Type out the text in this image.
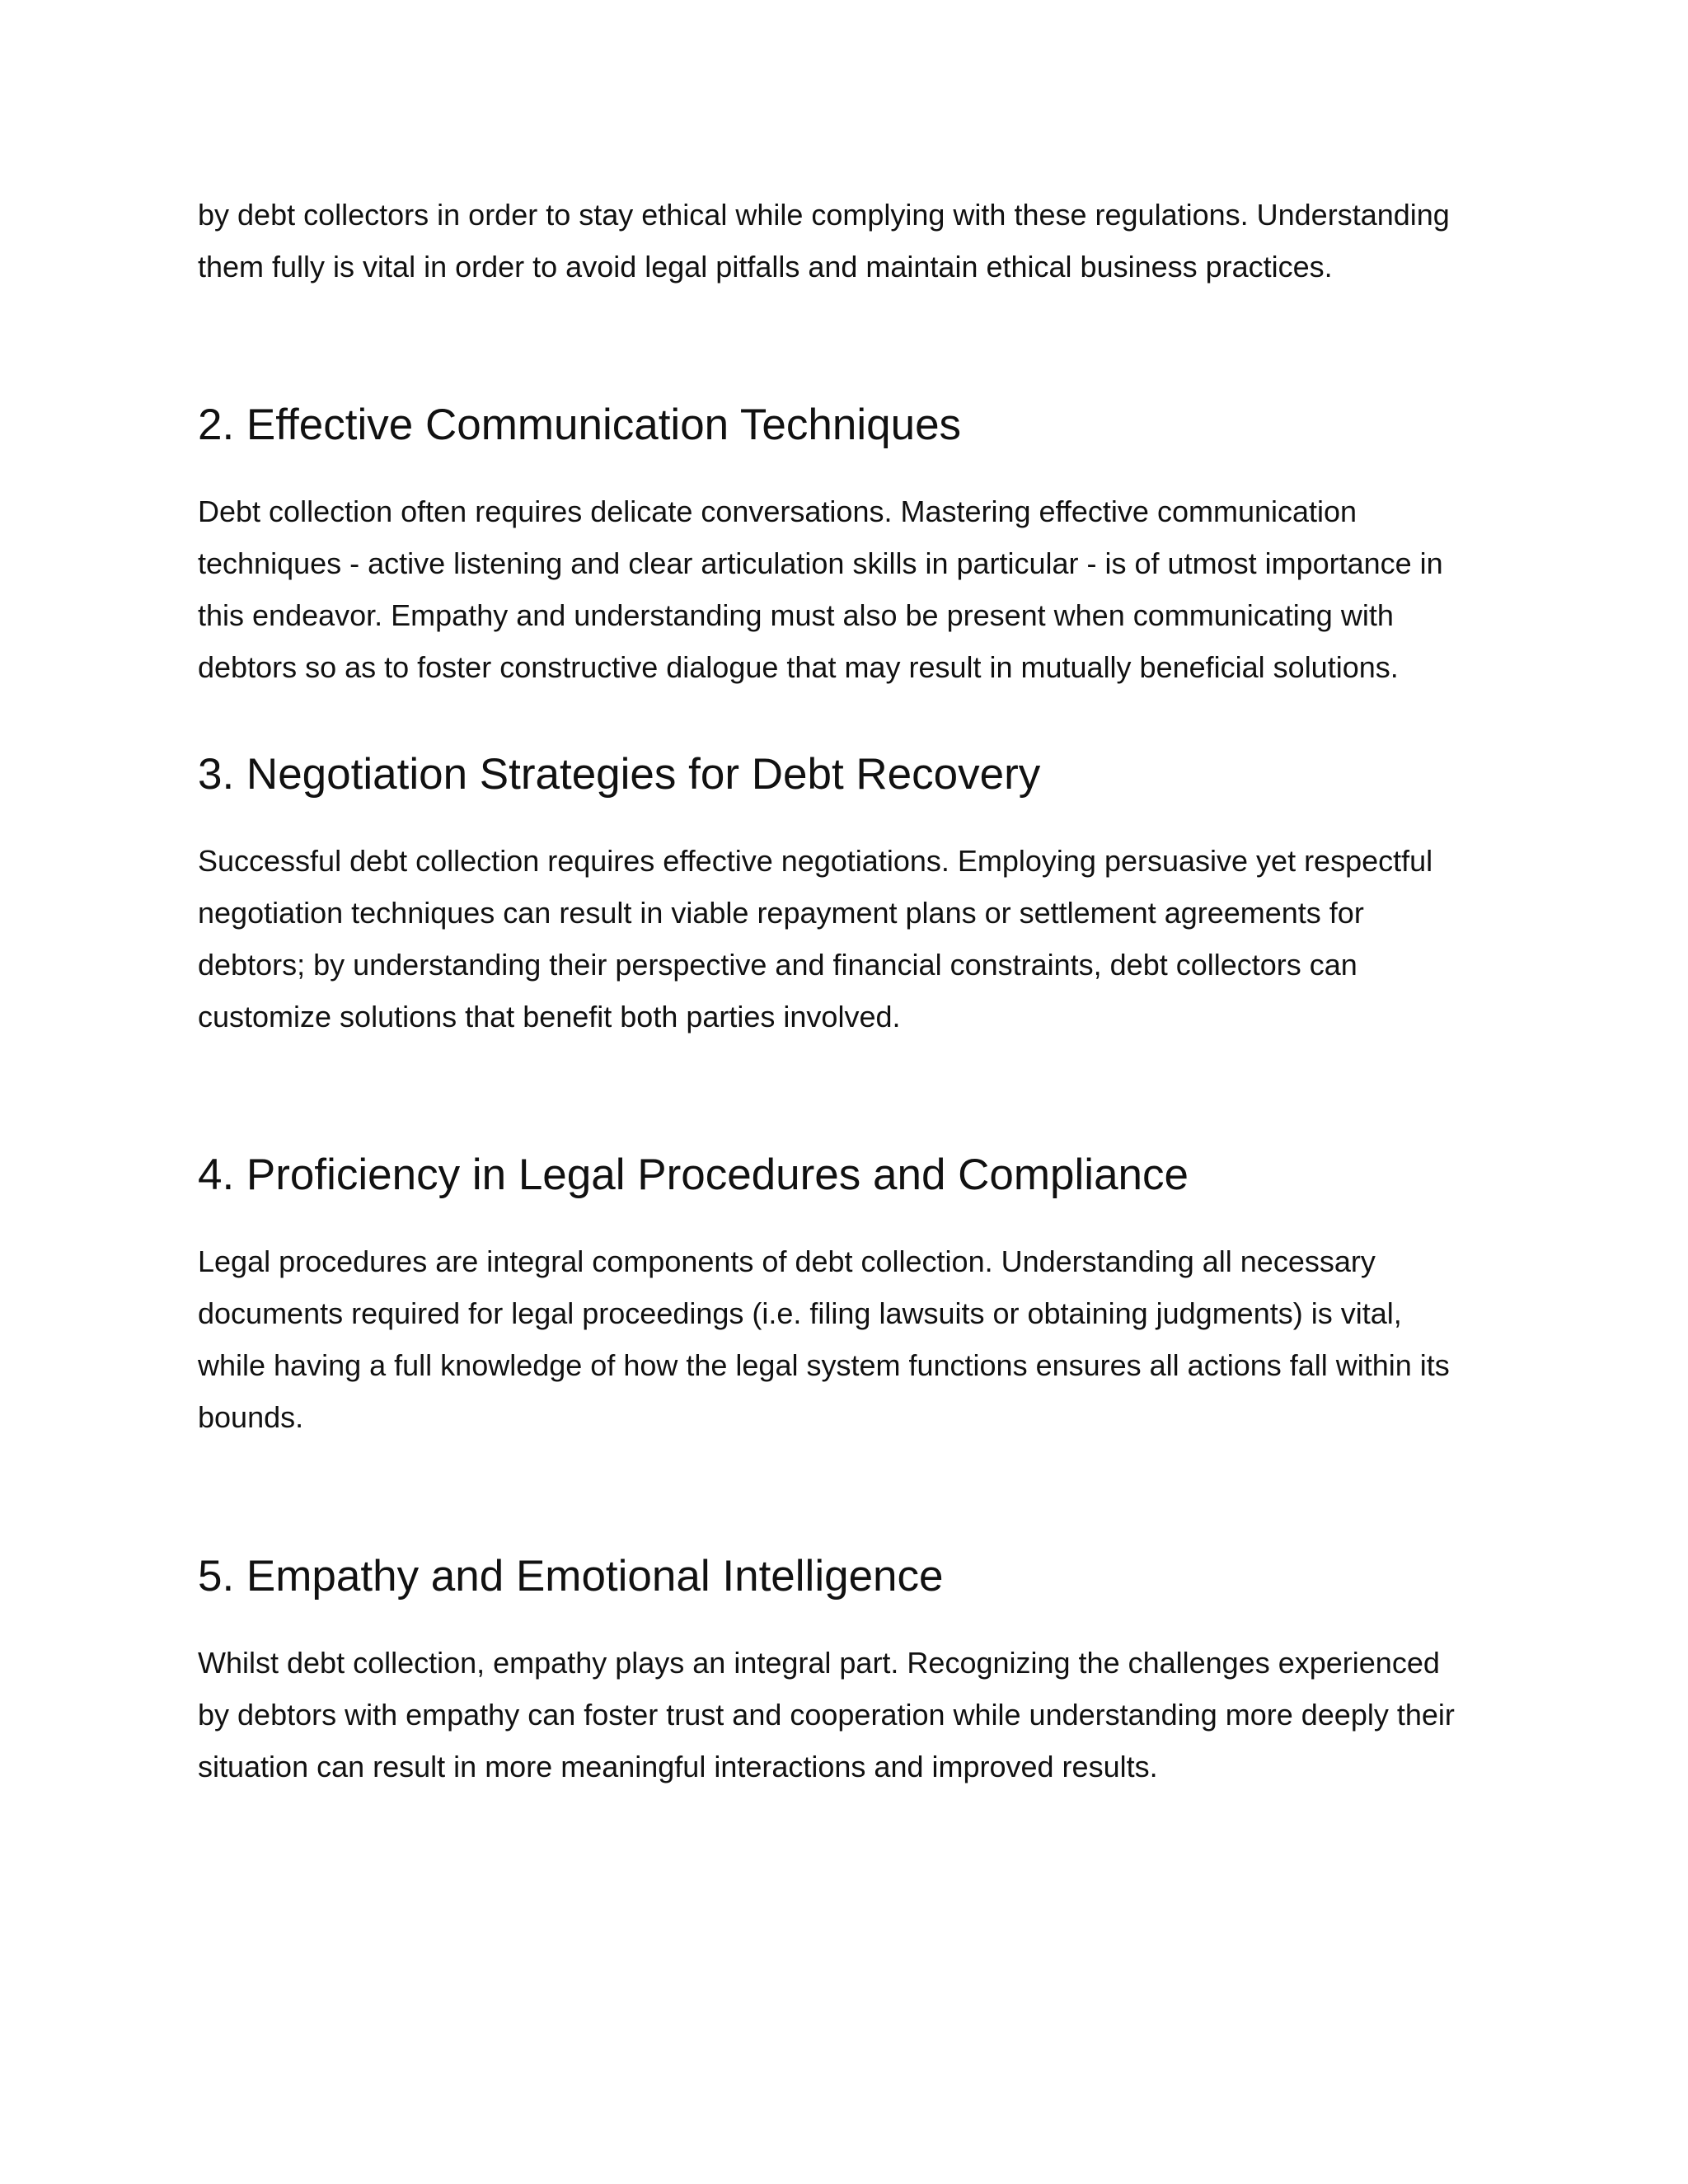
by debt collectors in order to stay ethical while complying with these regulations. Understanding
them fully is vital in order to avoid legal pitfalls and maintain ethical business practices.

2. Effective Communication Techniques

Debt collection often requires delicate conversations. Mastering effective communication
techniques - active listening and clear articulation skills in particular - is of utmost importance in
this endeavor. Empathy and understanding must also be present when communicating with
debtors so as to foster constructive dialogue that may result in mutually beneficial solutions.

3. Negotiation Strategies for Debt Recovery

Successful debt collection requires effective negotiations. Employing persuasive yet respectful
negotiation techniques can result in viable repayment plans or settlement agreements for
debtors; by understanding their perspective and financial constraints, debt collectors can
customize solutions that benefit both parties involved.

4. Proficiency in Legal Procedures and Compliance

Legal procedures are integral components of debt collection. Understanding all necessary
documents required for legal proceedings (i.e. filing lawsuits or obtaining judgments) is vital,
while having a full knowledge of how the legal system functions ensures all actions fall within its
bounds.

5. Empathy and Emotional Intelligence

Whilst debt collection, empathy plays an integral part. Recognizing the challenges experienced
by debtors with empathy can foster trust and cooperation while understanding more deeply their
situation can result in more meaningful interactions and improved results.
